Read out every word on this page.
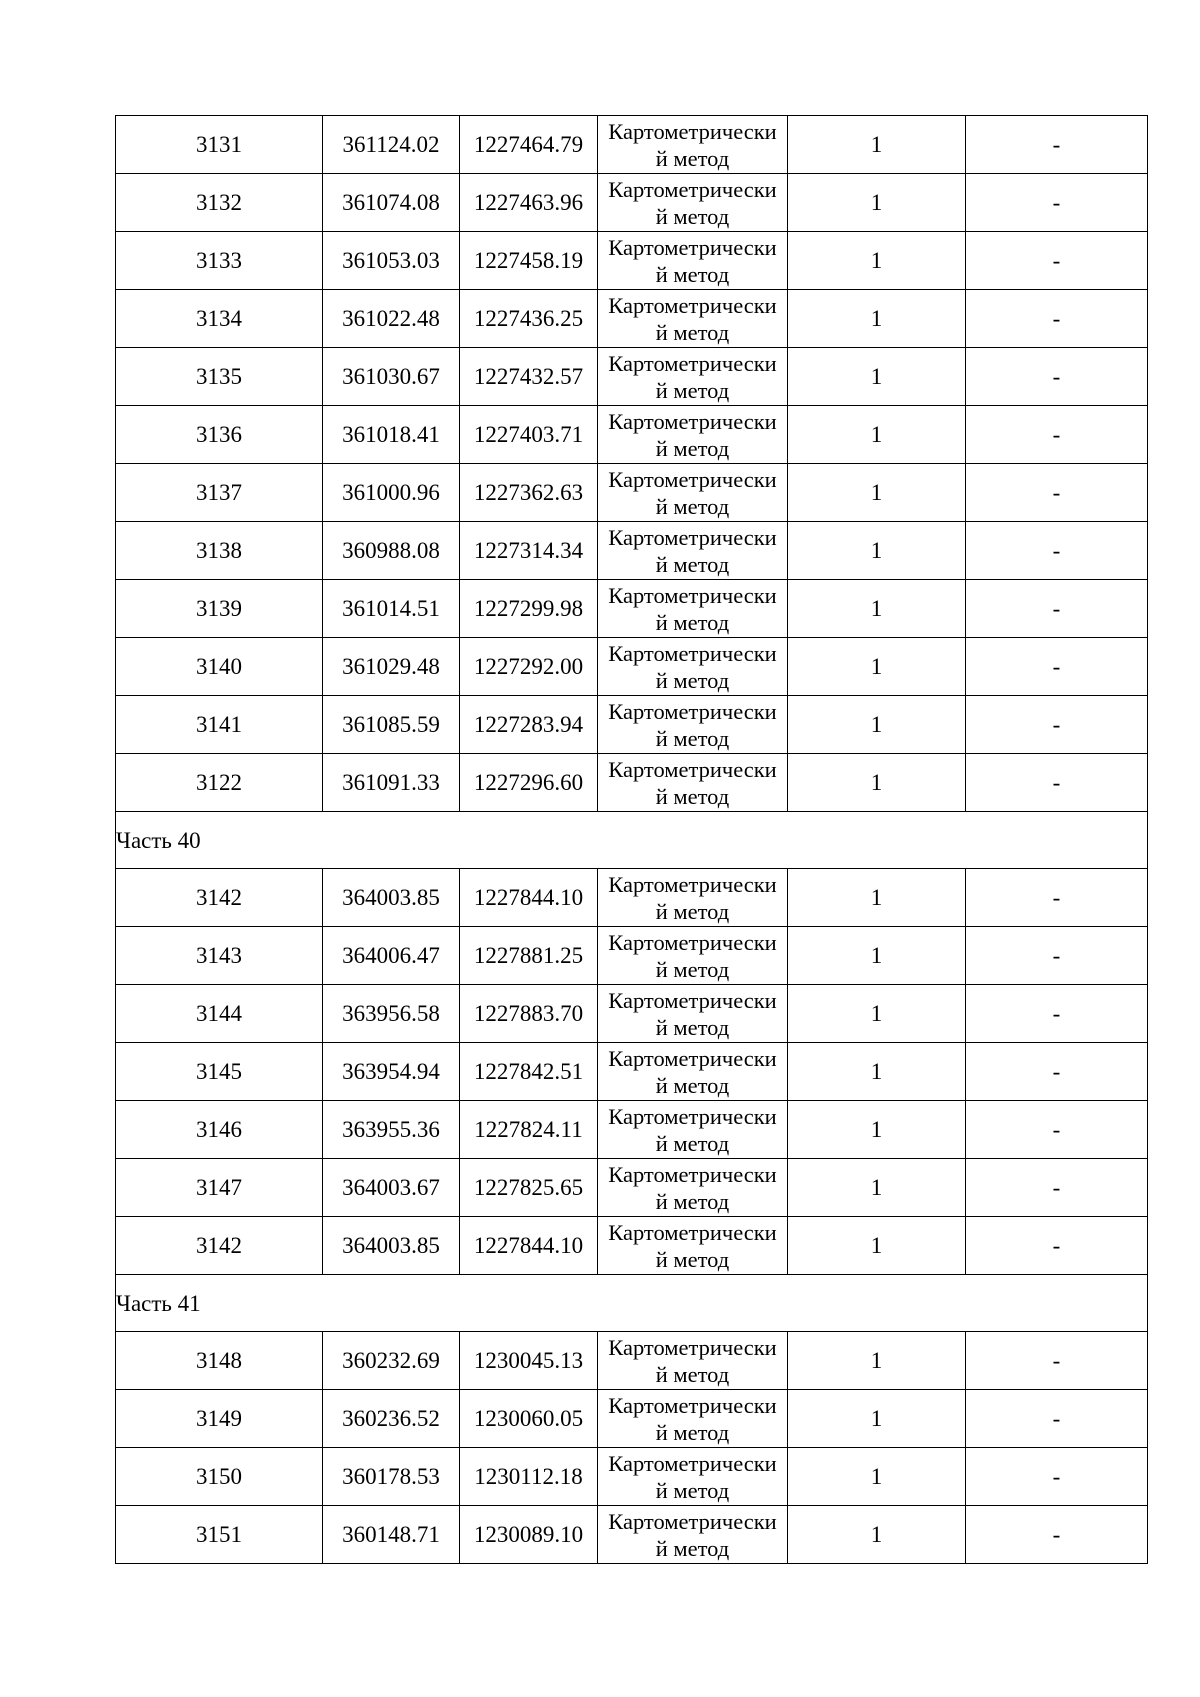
3131	361124.02	1227464.79	Картометрически
й метод	1	-
3132	361074.08	1227463.96	Картометрически
й метод	1	-
3133	361053.03	1227458.19	Картометрически
й метод	1	-
3134	361022.48	1227436.25	Картометрически
й метод	1	-
3135	361030.67	1227432.57	Картометрически
й метод	1	-
3136	361018.41	1227403.71	Картометрически
й метод	1	-
3137	361000.96	1227362.63	Картометрически
й метод	1	-
3138	360988.08	1227314.34	Картометрически
й метод	1	-
3139	361014.51	1227299.98	Картометрически
й метод	1	-
3140	361029.48	1227292.00	Картометрически
й метод	1	-
3141	361085.59	1227283.94	Картометрически
й метод	1	-
3122	361091.33	1227296.60	Картометрически
й метод	1	-
Часть 40					
3142	364003.85	1227844.10	Картометрически
й метод	1	-
3143	364006.47	1227881.25	Картометрически
й метод	1	-
3144	363956.58	1227883.70	Картометрически
й метод	1	-
3145	363954.94	1227842.51	Картометрически
й метод	1	-
3146	363955.36	1227824.11	Картометрически
й метод	1	-
3147	364003.67	1227825.65	Картометрически
й метод	1	-
3142	364003.85	1227844.10	Картометрически
й метод	1	-
Часть 41					
3148	360232.69	1230045.13	Картометрически
й метод	1	-
3149	360236.52	1230060.05	Картометрически
й метод	1	-
3150	360178.53	1230112.18	Картометрически
й метод	1	-
3151	360148.71	1230089.10	Картометрически
й метод	1	-
